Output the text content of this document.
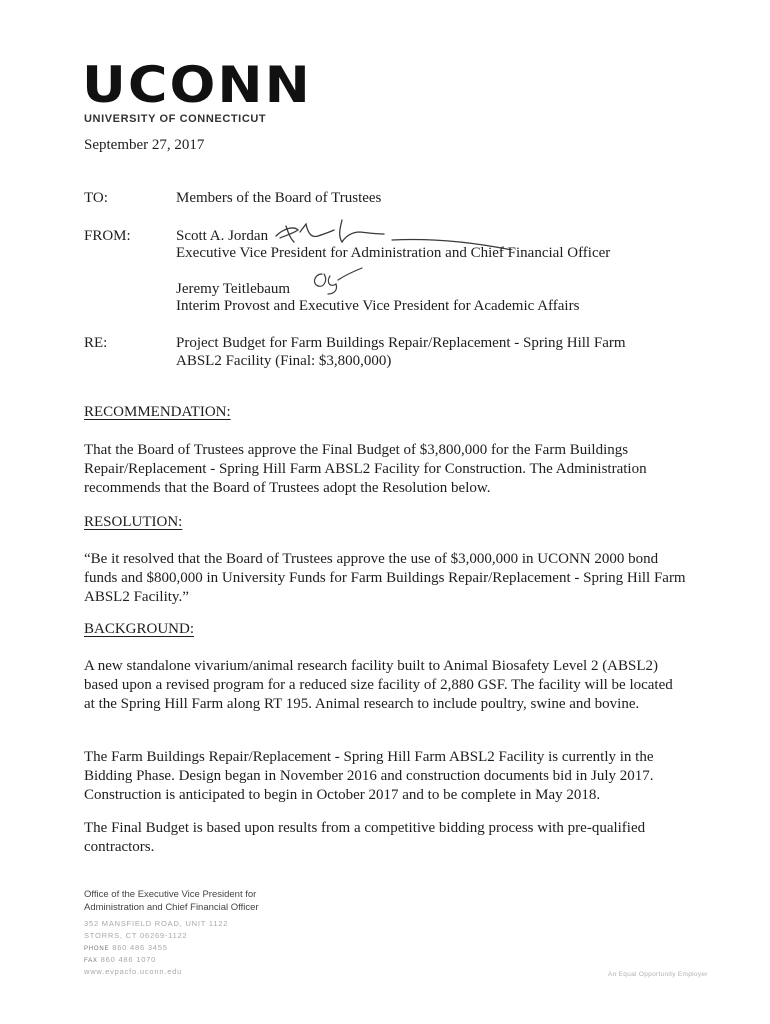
UCONN
UNIVERSITY OF CONNECTICUT
September 27, 2017
TO:	Members of the Board of Trustees
FROM:	Scott A. Jordan
Executive Vice President for Administration and Chief Financial Officer
Jeremy Teitlebaum
Interim Provost and Executive Vice President for Academic Affairs
RE:	Project Budget for Farm Buildings Repair/Replacement - Spring Hill Farm
ABSL2 Facility (Final: $3,800,000)
RECOMMENDATION:
That the Board of Trustees approve the Final Budget of $3,800,000 for the Farm Buildings Repair/Replacement - Spring Hill Farm ABSL2 Facility for Construction. The Administration recommends that the Board of Trustees adopt the Resolution below.
RESOLUTION:
“Be it resolved that the Board of Trustees approve the use of $3,000,000 in UCONN 2000 bond funds and $800,000 in University Funds for Farm Buildings Repair/Replacement - Spring Hill Farm ABSL2 Facility.”
BACKGROUND:
A new standalone vivarium/animal research facility built to Animal Biosafety Level 2 (ABSL2) based upon a revised program for a reduced size facility of 2,880 GSF. The facility will be located at the Spring Hill Farm along RT 195. Animal research to include poultry, swine and bovine.
The Farm Buildings Repair/Replacement - Spring Hill Farm ABSL2 Facility is currently in the Bidding Phase. Design began in November 2016 and construction documents bid in July 2017. Construction is anticipated to begin in October 2017 and to be complete in May 2018.
The Final Budget is based upon results from a competitive bidding process with pre-qualified contractors.
Office of the Executive Vice President for
Administration and Chief Financial Officer
352 MANSFIELD ROAD, UNIT 1122
STORRS, CT 06269-1122
PHONE 860 486 3455
FAX 860 486 1070
www.evpacfo.uconn.edu	An Equal Opportunity Employer
